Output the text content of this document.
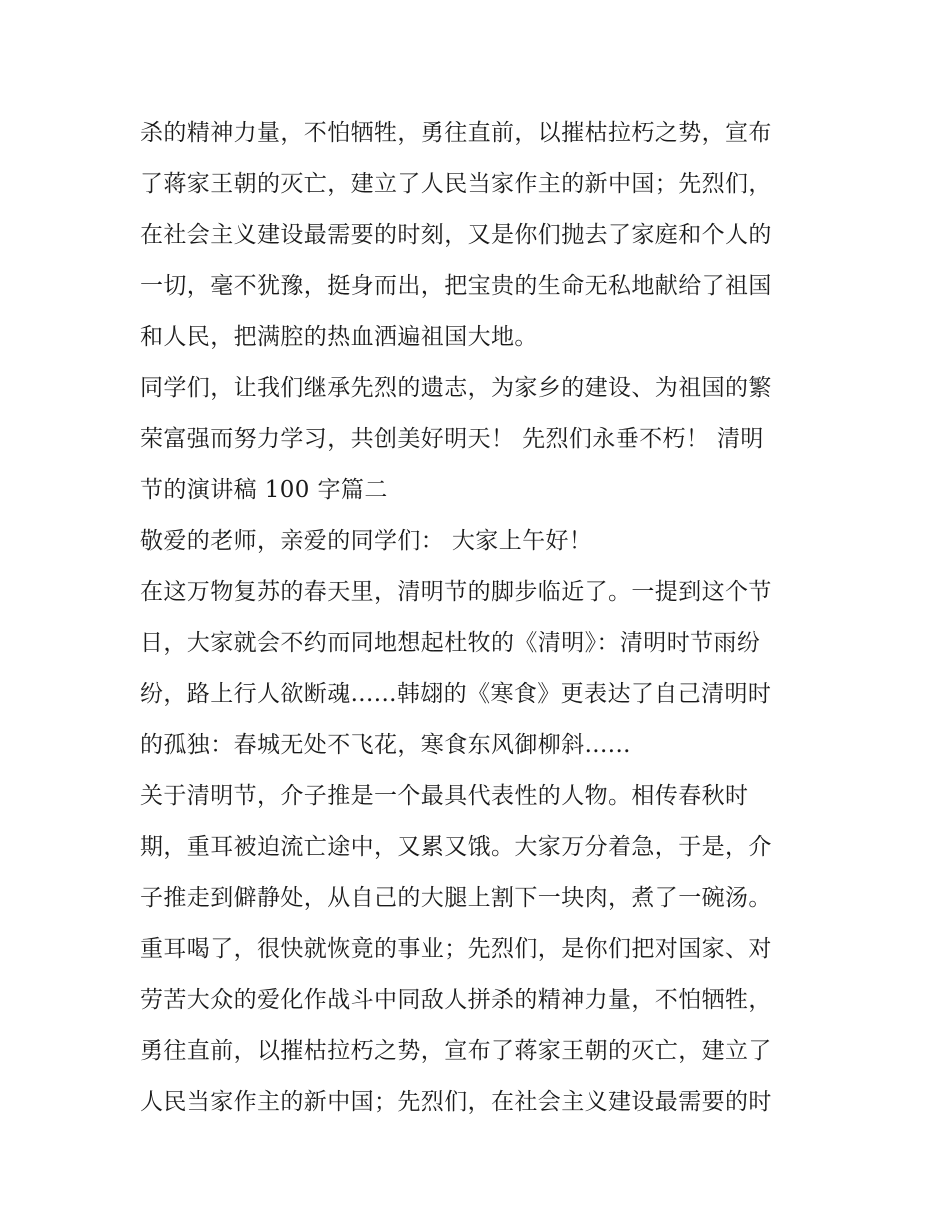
杀的精神力量，不怕牺牲，勇往直前，以摧枯拉朽之势，宣布
了蒋家王朝的灭亡，建立了人民当家作主的新中国；先烈们，
在社会主义建设最需要的时刻，又是你们抛去了家庭和个人的
一切，毫不犹豫，挺身而出，把宝贵的生命无私地献给了祖国
和人民，把满腔的热血洒遍祖国大地。
同学们，让我们继承先烈的遗志，为家乡的建设、为祖国的繁
荣富强而努力学习，共创美好明天！ 先烈们永垂不朽！ 清明
节的演讲稿 100 字篇二
敬爱的老师，亲爱的同学们： 大家上午好！
在这万物复苏的春天里，清明节的脚步临近了。一提到这个节
日，大家就会不约而同地想起杜牧的《清明》：清明时节雨纷
纷，路上行人欲断魂......韩翃的《寒食》更表达了自己清明时
的孤独：春城无处不飞花，寒食东风御柳斜......
关于清明节，介子推是一个最具代表性的人物。相传春秋时
期，重耳被迫流亡途中，又累又饿。大家万分着急，于是，介
子推走到僻静处，从自己的大腿上割下一块肉，煮了一碗汤。
重耳喝了，很快就恢竟的事业；先烈们，是你们把对国家、对
劳苦大众的爱化作战斗中同敌人拼杀的精神力量，不怕牺牲，
勇往直前，以摧枯拉朽之势，宣布了蒋家王朝的灭亡，建立了
人民当家作主的新中国；先烈们，在社会主义建设最需要的时
